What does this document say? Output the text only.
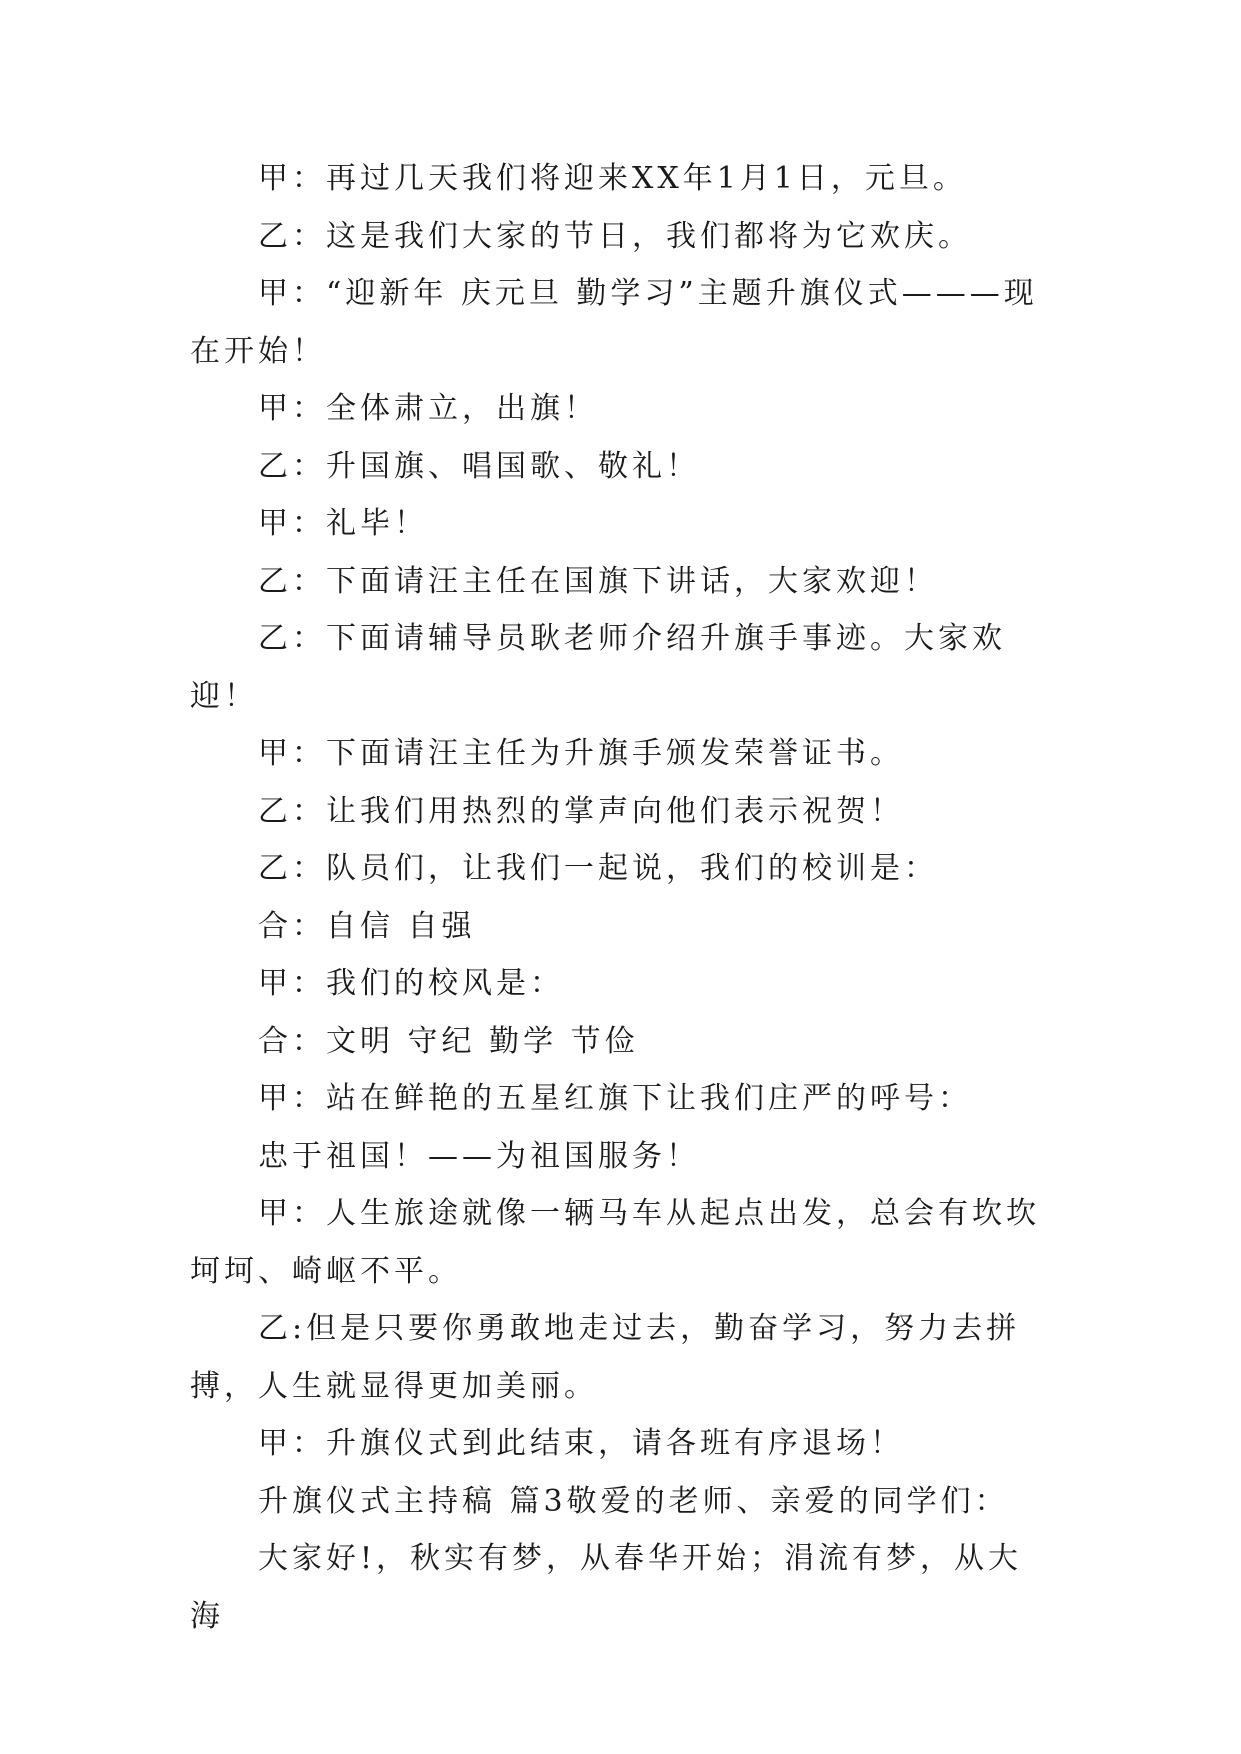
甲：再过几天我们将迎来XX年1月1日，元旦。

乙：这是我们大家的节日，我们都将为它欢庆。

甲：“迎新年 庆元旦 勤学习”主题升旗仪式———现在开始！

甲：全体肃立，出旗！

乙：升国旗、唱国歌、敬礼！

甲：礼毕！

乙：下面请汪主任在国旗下讲话，大家欢迎！

乙：下面请辅导员耿老师介绍升旗手事迹。大家欢迎！

甲：下面请汪主任为升旗手颁发荣誉证书。

乙：让我们用热烈的掌声向他们表示祝贺！

乙：队员们，让我们一起说，我们的校训是：

合：自信 自强

甲：我们的校风是：

合：文明 守纪 勤学 节俭

甲：站在鲜艳的五星红旗下让我们庄严的呼号：

忠于祖国！——为祖国服务！

甲：人生旅途就像一辆马车从起点出发，总会有坎坎坷坷、崎岖不平。

乙:但是只要你勇敢地走过去，勤奋学习，努力去拼搏，人生就显得更加美丽。

甲：升旗仪式到此结束，请各班有序退场！

升旗仪式主持稿 篇3敬爱的老师、亲爱的同学们：

大家好!，秋实有梦，从春华开始；涓流有梦，从大海
